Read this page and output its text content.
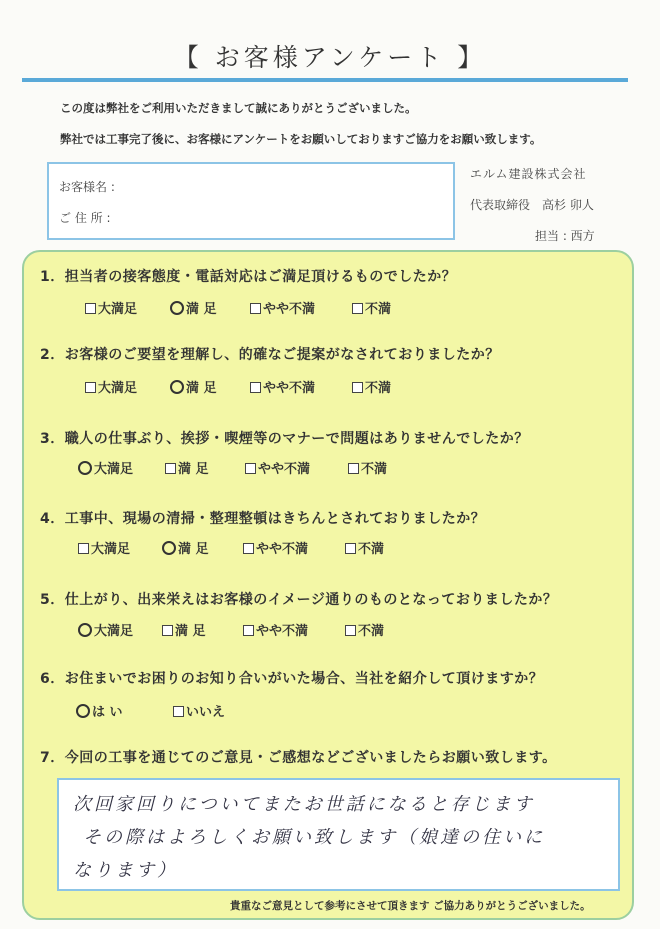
【 お客様アンケート 】
この度は弊社をご利用いただきまして誠にありがとうございました。
弊社では工事完了後に、お客様にアンケートをお願いしておりますご協力をお願い致します。
お客様名 :
ご 住 所 :
エルム建設株式会社
代表取締役　高杉 卯人
担当 : 西方
1．担当者の接客態度・電話対応はご満足頂けるものでしたか？
大満足	満 足	やや不満	不満
2．お客様のご要望を理解し、的確なご提案がなされておりましたか？
大満足	満 足	やや不満	不満
3．職人の仕事ぶり、挨拶・喫煙等のマナーで問題はありませんでしたか？
大満足	満 足	やや不満	不満
4．工事中、現場の清掃・整理整頓はきちんとされておりましたか？
大満足	満 足	やや不満	不満
5．仕上がり、出来栄えはお客様のイメージ通りのものとなっておりましたか？
大満足	満 足	やや不満	不満
6．お住まいでお困りのお知り合いがいた場合、当社を紹介して頂けますか？
は い	いいえ
7．今回の工事を通じてのご意見・ご感想などございましたらお願い致します。
次回家回りについてまたお世話になると存じます
その際はよろしくお願い致します（娘達の住いに
なります）
貴重なご意見として参考にさせて頂きます ご協力ありがとうございました。
